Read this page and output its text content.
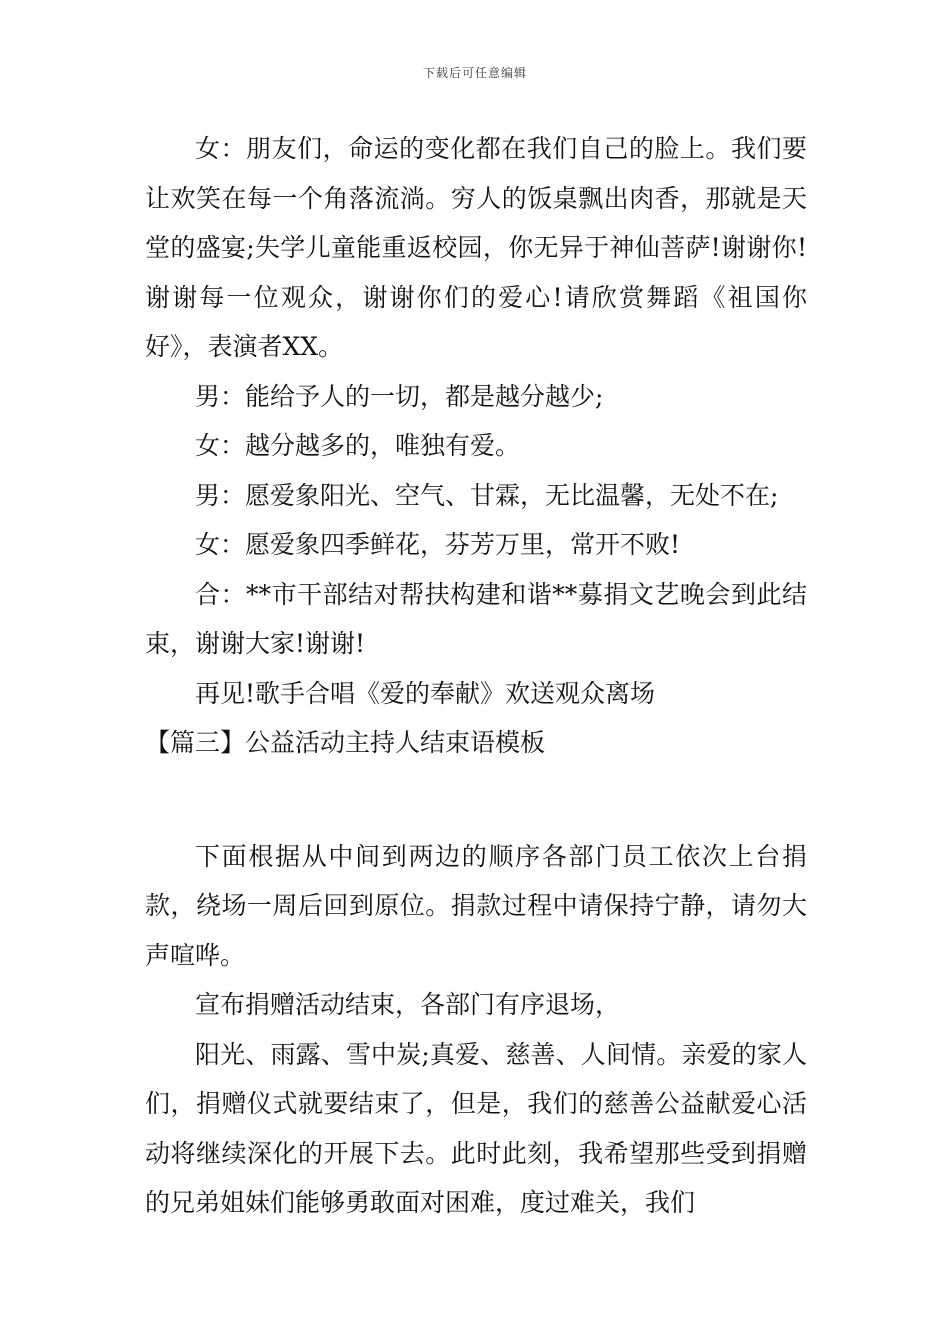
下载后可任意编辑

女：朋友们，命运的变化都在我们自己的脸上。我们要让欢笑在每一个角落流淌。穷人的饭桌飘出肉香，那就是天堂的盛宴;失学儿童能重返校园，你无异于神仙菩萨!谢谢你!谢谢每一位观众，谢谢你们的爱心!请欣赏舞蹈《祖国你好》，表演者XX。

男：能给予人的一切，都是越分越少;

女：越分越多的，唯独有爱。

男：愿爱象阳光、空气、甘霖，无比温馨，无处不在;

女：愿爱象四季鲜花，芬芳万里，常开不败!

合：**市干部结对帮扶构建和谐**募捐文艺晚会到此结束，谢谢大家!谢谢!

再见!歌手合唱《爱的奉献》欢送观众离场

【篇三】公益活动主持人结束语模板

下面根据从中间到两边的顺序各部门员工依次上台捐款，绕场一周后回到原位。捐款过程中请保持宁静，请勿大声喧哗。

宣布捐赠活动结束，各部门有序退场，

阳光、雨露、雪中炭;真爱、慈善、人间情。亲爱的家人们，捐赠仪式就要结束了，但是，我们的慈善公益献爱心活动将继续深化的开展下去。此时此刻，我希望那些受到捐赠的兄弟姐妹们能够勇敢面对困难，度过难关，我们
